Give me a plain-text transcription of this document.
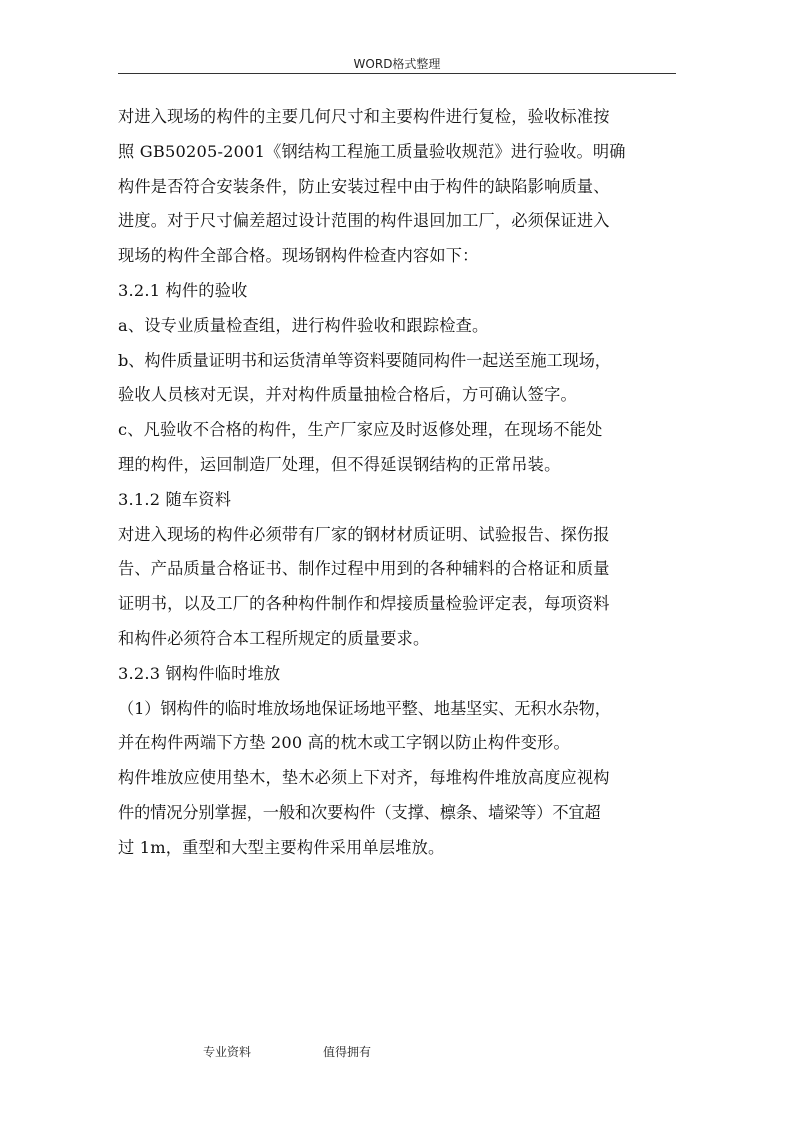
WORD格式整理
对进入现场的构件的主要几何尺寸和主要构件进行复检，验收标准按
照 GB50205-2001《钢结构工程施工质量验收规范》进行验收。明确
构件是否符合安装条件，防止安装过程中由于构件的缺陷影响质量、
进度。对于尺寸偏差超过设计范围的构件退回加工厂，必须保证进入
现场的构件全部合格。现场钢构件检查内容如下：
3.2.1 构件的验收
a、设专业质量检查组，进行构件验收和跟踪检查。
b、构件质量证明书和运货清单等资料要随同构件一起送至施工现场，
验收人员核对无误，并对构件质量抽检合格后，方可确认签字。
c、凡验收不合格的构件，生产厂家应及时返修处理，在现场不能处
理的构件，运回制造厂处理，但不得延误钢结构的正常吊装。
3.1.2 随车资料
对进入现场的构件必须带有厂家的钢材材质证明、试验报告、探伤报
告、产品质量合格证书、制作过程中用到的各种辅料的合格证和质量
证明书，以及工厂的各种构件制作和焊接质量检验评定表，每项资料
和构件必须符合本工程所规定的质量要求。
3.2.3 钢构件临时堆放
（1）钢构件的临时堆放场地保证场地平整、地基坚实、无积水杂物，
并在构件两端下方垫 200 高的枕木或工字钢以防止构件变形。
构件堆放应使用垫木，垫木必须上下对齐，每堆构件堆放高度应视构
件的情况分别掌握，一般和次要构件（支撑、檩条、墙梁等）不宜超
过 1m，重型和大型主要构件采用单层堆放。
专业资料	值得拥有
